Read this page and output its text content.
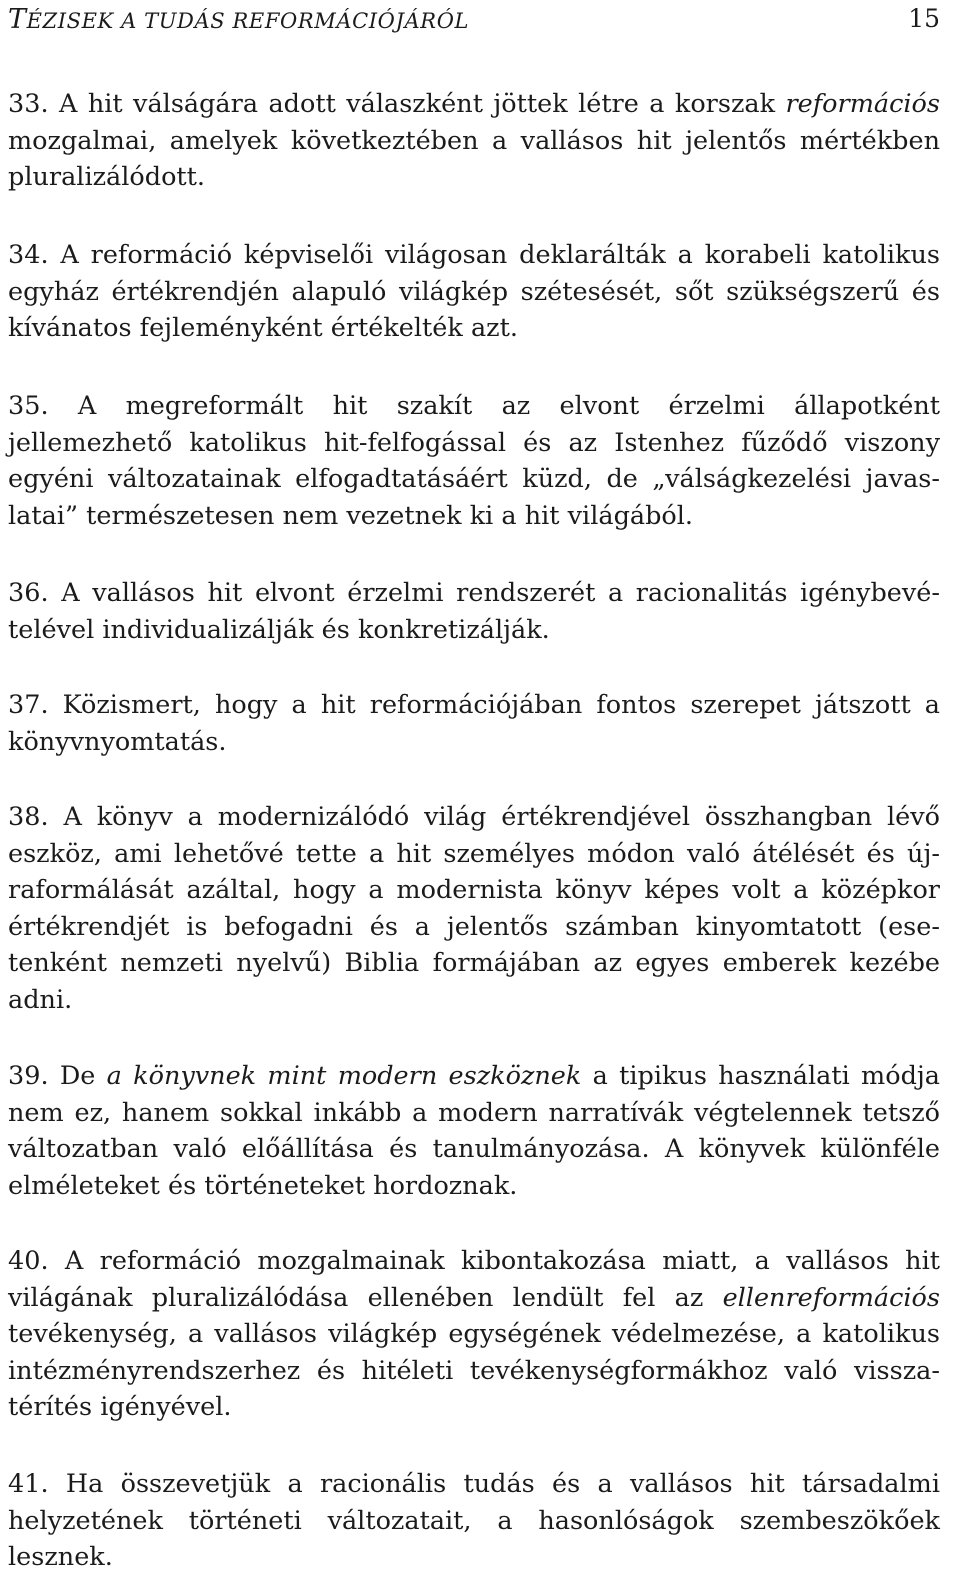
TÉZISEK A TUDÁS REFORMÁCIÓJÁRÓL	15

33. A hit válságára adott válaszként jöttek létre a korszak reformációs mozgalmai, amelyek következtében a vallásos hit jelentős mértékben pluralizálódott.

34. A reformáció képviselői világosan deklarálták a korabeli katolikus egyház értékrendjén alapuló világkép szétesését, sőt szükségszerű és kívánatos fejleményként értékelték azt.

35. A megreformált hit szakít az elvont érzelmi állapotként jellemezhető katolikus hit-felfogással és az Istenhez fűződő viszony egyéni változatainak elfogadtatásáért küzd, de „válságkezelési javaslatai” természetesen nem vezetnek ki a hit világából.

36. A vallásos hit elvont érzelmi rendszerét a racionalitás igénybevételével individualizálják és konkretizálják.

37. Közismert, hogy a hit reformációjában fontos szerepet játszott a könyvnyomtatás.

38. A könyv a modernizálódó világ értékrendjével összhangban lévő eszköz, ami lehetővé tette a hit személyes módon való átélését és újraformálását azáltal, hogy a modernista könyv képes volt a középkor értékrendjét is befogadni és a jelentős számban kinyomtatott (esetenként nemzeti nyelvű) Biblia formájában az egyes emberek kezébe adni.

39. De a könyvnek mint modern eszköznek a tipikus használati módja nem ez, hanem sokkal inkább a modern narratívák végtelennek tetsző változatban való előállítása és tanulmányozása. A könyvek különféle elméleteket és történeteket hordoznak.

40. A reformáció mozgalmainak kibontakozása miatt, a vallásos hit világának pluralizálódása ellenében lendült fel az ellenreformációs tevékenység, a vallásos világkép egységének védelmezése, a katolikus intézményrendszerhez és hitéleti tevékenységformákhoz való visszatérítés igényével.

41. Ha összevetjük a racionális tudás és a vallásos hit társadalmi helyzetének történeti változatait, a hasonlóságok szembeszökőek lesznek.
